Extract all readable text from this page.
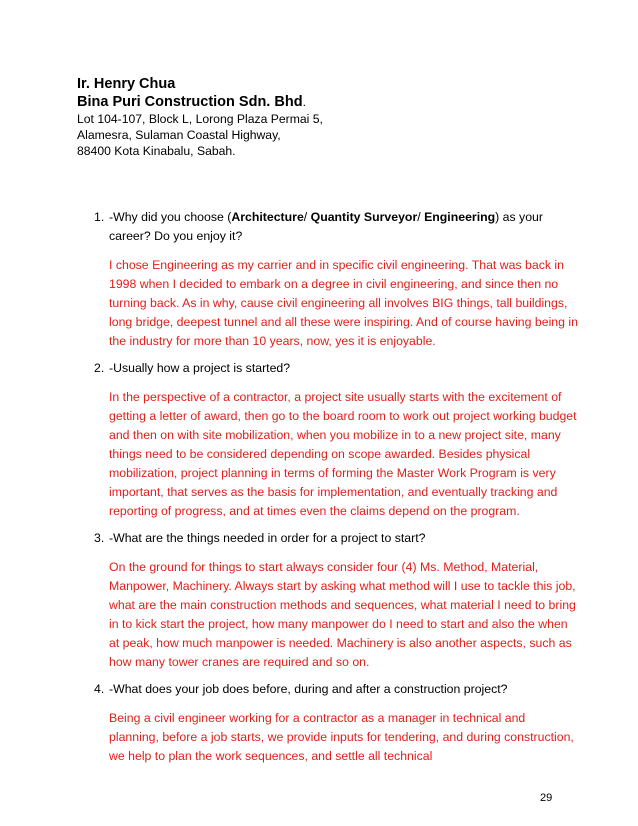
Ir. Henry Chua
Bina Puri Construction Sdn. Bhd.
Lot 104-107, Block L, Lorong Plaza Permai 5,
Alamesra, Sulaman Coastal Highway,
88400 Kota Kinabalu, Sabah.
1. -Why did you choose (Architecture/ Quantity Surveyor/ Engineering) as your career? Do you enjoy it?
I chose Engineering as my carrier and in specific civil engineering. That was back in 1998 when I decided to embark on a degree in civil engineering, and since then no turning back. As in why, cause civil engineering all involves BIG things, tall buildings, long bridge, deepest tunnel and all these were inspiring. And of course having being in the industry for more than 10 years, now, yes it is enjoyable.
2. -Usually how a project is started?
In the perspective of a contractor, a project site usually starts with the excitement of getting a letter of award, then go to the board room to work out project working budget and then on with site mobilization, when you mobilize in to a new project site, many things need to be considered depending on scope awarded. Besides physical mobilization, project planning in terms of forming the Master Work Program is very important, that serves as the basis for implementation, and eventually tracking and reporting of progress, and at times even the claims depend on the program.
3. -What are the things needed in order for a project to start?
On the ground for things to start always consider four (4) Ms. Method, Material, Manpower, Machinery. Always start by asking what method will I use to tackle this job, what are the main construction methods and sequences, what material I need to bring in to kick start the project, how many manpower do I need to start and also the when at peak, how much manpower is needed. Machinery is also another aspects, such as how many tower cranes are required and so on.
4. -What does your job does before, during and after a construction project?
Being a civil engineer working for a contractor as a manager in technical and planning, before a job starts, we provide inputs for tendering, and during construction, we help to plan the work sequences, and settle all technical
29
